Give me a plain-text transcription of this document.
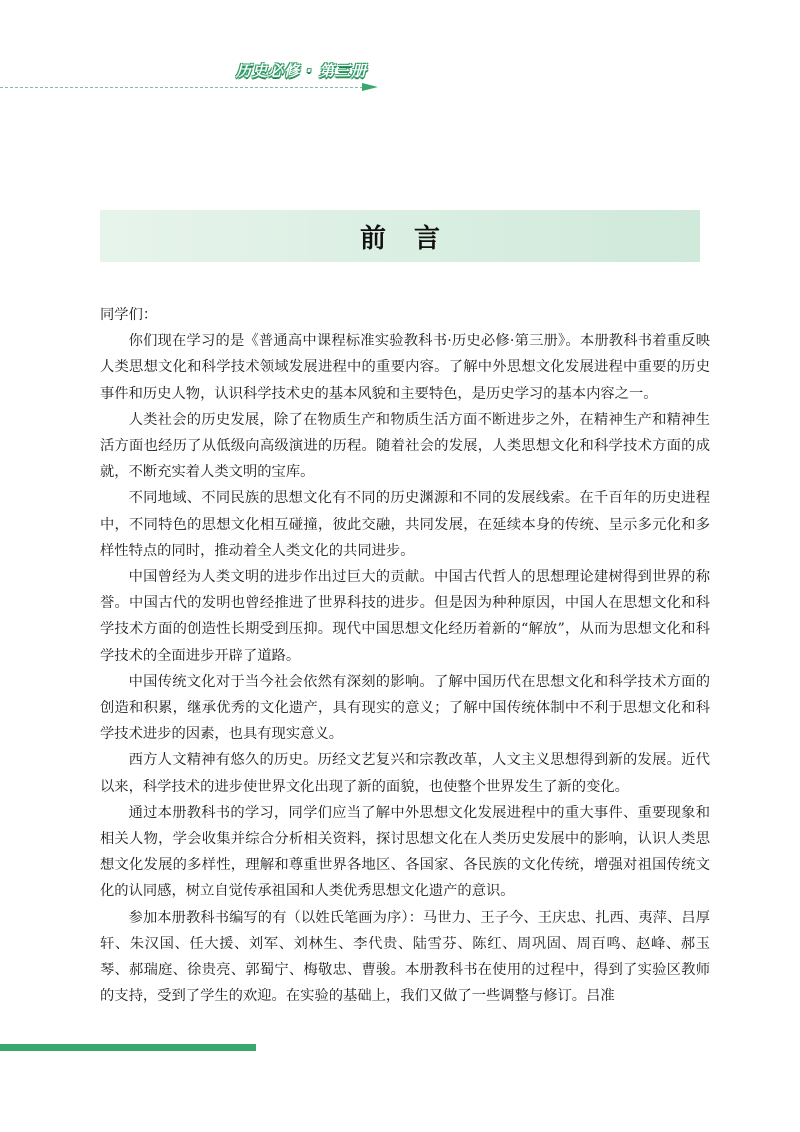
历史必修 · 第三册
前言

同学们：

你们现在学习的是《普通高中课程标准实验教科书·历史必修·第三册》。本册教科书着重反映人类思想文化和科学技术领域发展进程中的重要内容。了解中外思想文化发展进程中重要的历史事件和历史人物，认识科学技术史的基本风貌和主要特色，是历史学习的基本内容之一。

人类社会的历史发展，除了在物质生产和物质生活方面不断进步之外，在精神生产和精神生活方面也经历了从低级向高级演进的历程。随着社会的发展，人类思想文化和科学技术方面的成就，不断充实着人类文明的宝库。

不同地域、不同民族的思想文化有不同的历史渊源和不同的发展线索。在千百年的历史进程中，不同特色的思想文化相互碰撞，彼此交融，共同发展，在延续本身的传统、呈示多元化和多样性特点的同时，推动着全人类文化的共同进步。

中国曾经为人类文明的进步作出过巨大的贡献。中国古代哲人的思想理论建树得到世界的称誉。中国古代的发明也曾经推进了世界科技的进步。但是因为种种原因，中国人在思想文化和科学技术方面的创造性长期受到压抑。现代中国思想文化经历着新的“解放”，从而为思想文化和科学技术的全面进步开辟了道路。

中国传统文化对于当今社会依然有深刻的影响。了解中国历代在思想文化和科学技术方面的创造和积累，继承优秀的文化遗产，具有现实的意义；了解中国传统体制中不利于思想文化和科学技术进步的因素，也具有现实意义。

西方人文精神有悠久的历史。历经文艺复兴和宗教改革，人文主义思想得到新的发展。近代以来，科学技术的进步使世界文化出现了新的面貌，也使整个世界发生了新的变化。

通过本册教科书的学习，同学们应当了解中外思想文化发展进程中的重大事件、重要现象和相关人物，学会收集并综合分析相关资料，探讨思想文化在人类历史发展中的影响，认识人类思想文化发展的多样性，理解和尊重世界各地区、各国家、各民族的文化传统，增强对祖国传统文化的认同感，树立自觉传承祖国和人类优秀思想文化遗产的意识。

参加本册教科书编写的有（以姓氏笔画为序）：马世力、王子今、王庆忠、扎西、夷萍、吕厚轩、朱汉国、任大援、刘军、刘林生、李代贵、陆雪芬、陈红、周巩固、周百鸣、赵峰、郝玉琴、郝瑞庭、徐贵亮、郭蜀宁、梅敬忠、曹骏。本册教科书在使用的过程中，得到了实验区教师的支持，受到了学生的欢迎。在实验的基础上，我们又做了一些调整与修订。吕准
